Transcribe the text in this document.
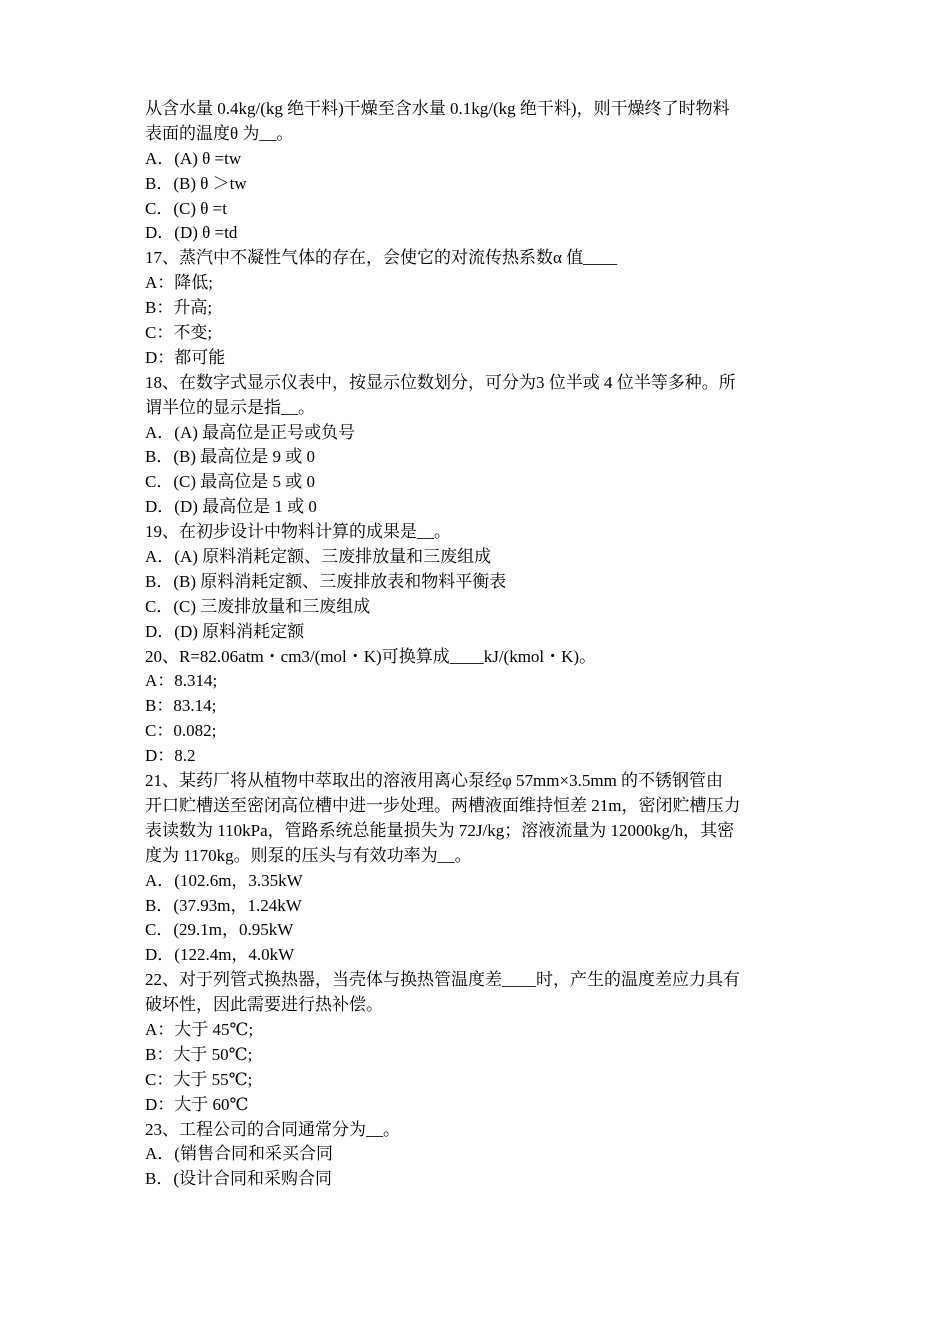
从含水量 0.4kg/(kg 绝干料)干燥至含水量 0.1kg/(kg 绝干料)，则干燥终了时物料
表面的温度θ 为__。
A．(A) θ =tw
B．(B) θ ＞tw
C．(C) θ =t
D．(D) θ =td
17、蒸汽中不凝性气体的存在，会使它的对流传热系数α 值____
A：降低;
B：升高;
C：不变;
D：都可能
18、在数字式显示仪表中，按显示位数划分，可分为3 位半或 4 位半等多种。所
谓半位的显示是指__。
A．(A) 最高位是正号或负号
B．(B) 最高位是 9 或 0
C．(C) 最高位是 5 或 0
D．(D) 最高位是 1 或 0
19、在初步设计中物料计算的成果是__。
A．(A) 原料消耗定额、三废排放量和三废组成
B．(B) 原料消耗定额、三废排放表和物料平衡表
C．(C) 三废排放量和三废组成
D．(D) 原料消耗定额
20、R=82.06atm・cm3/(mol・K)可换算成____kJ/(kmol・K)。
A：8.314;
B：83.14;
C：0.082;
D：8.2
21、某药厂将从植物中萃取出的溶液用离心泵经φ 57mm×3.5mm 的不锈钢管由
开口贮槽送至密闭高位槽中进一步处理。两槽液面维持恒差 21m，密闭贮槽压力
表读数为 110kPa，管路系统总能量损失为 72J/kg；溶液流量为 12000kg/h，其密
度为 1170kg。则泵的压头与有效功率为__。
A．(102.6m，3.35kW
B．(37.93m，1.24kW
C．(29.1m，0.95kW
D．(122.4m，4.0kW
22、对于列管式换热器，当壳体与换热管温度差____时，产生的温度差应力具有
破坏性，因此需要进行热补偿。
A：大于 45℃;
B：大于 50℃;
C：大于 55℃;
D：大于 60℃
23、工程公司的合同通常分为__。
A．(销售合同和采买合同
B．(设计合同和采购合同
